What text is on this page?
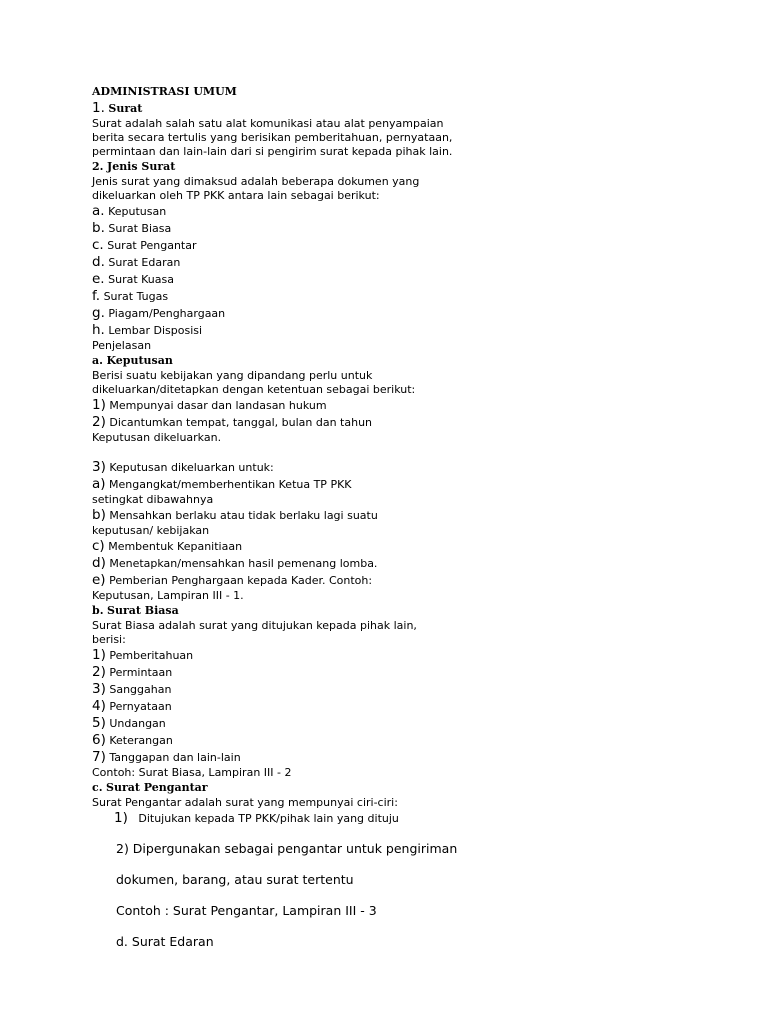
ADMINISTRASI UMUM
1. Surat
Surat adalah salah satu alat komunikasi atau alat penyampaian
berita secara tertulis yang berisikan pemberitahuan, pernyataan,
permintaan dan lain-lain dari si pengirim surat kepada pihak lain.
2. Jenis Surat
Jenis surat yang dimaksud adalah beberapa dokumen yang
dikeluarkan oleh TP PKK antara lain sebagai berikut:
a. Keputusan
b. Surat Biasa
c. Surat Pengantar
d. Surat Edaran
e. Surat Kuasa
f. Surat Tugas
g. Piagam/Penghargaan
h. Lembar Disposisi
Penjelasan
a. Keputusan
Berisi suatu kebijakan yang dipandang perlu untuk
dikeluarkan/ditetapkan dengan ketentuan sebagai berikut:
1) Mempunyai dasar dan landasan hukum
2) Dicantumkan tempat, tanggal, bulan dan tahun
Keputusan dikeluarkan.
3) Keputusan dikeluarkan untuk:
a) Mengangkat/memberhentikan Ketua TP PKK
setingkat dibawahnya
b) Mensahkan berlaku atau tidak berlaku lagi suatu
keputusan/ kebijakan
c) Membentuk Kepanitiaan
d) Menetapkan/mensahkan hasil pemenang lomba.
e) Pemberian Penghargaan kepada Kader. Contoh:
Keputusan, Lampiran III - 1.
b. Surat Biasa
Surat Biasa adalah surat yang ditujukan kepada pihak lain,
berisi:
1) Pemberitahuan
2) Permintaan
3) Sanggahan
4) Pernyataan
5) Undangan
6) Keterangan
7) Tanggapan dan lain-lain
Contoh: Surat Biasa, Lampiran III - 2
c. Surat Pengantar
Surat Pengantar adalah surat yang mempunyai ciri-ciri:
1) Ditujukan kepada TP PKK/pihak lain yang dituju
2) Dipergunakan sebagai pengantar untuk pengiriman
dokumen, barang, atau surat tertentu
Contoh : Surat Pengantar, Lampiran III - 3
d. Surat Edaran
